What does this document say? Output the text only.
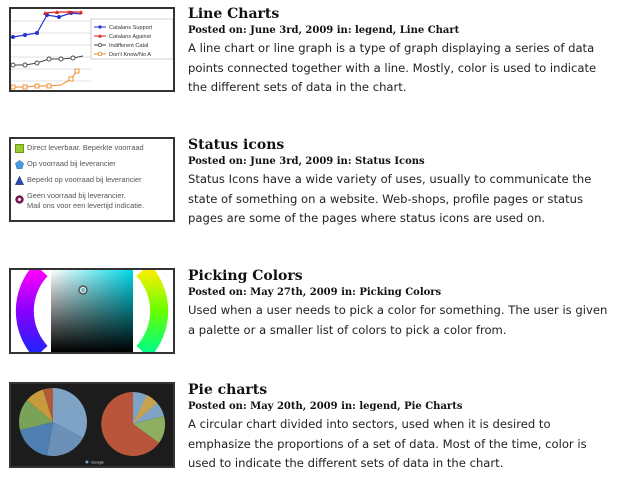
Catalans Support
Catalans Against
Indifferent Catal
Don't Know/No A

Line Charts

Posted on: June 3rd, 2009 in: legend, Line Chart

A line chart or line graph is a type of graph displaying a series of data points connected together with a line. Mostly, color is used to indicate the different sets of data in the chart.

Direct leverbaar. Beperkte voorraad
Op voorraad bij leverancier
Beperkt op voorraad bij leverancier
Geen voorraad bij leverancier.
Mail ons voor een levertijd indicatie.

Status icons

Posted on: June 3rd, 2009 in: Status Icons

Status Icons have a wide variety of uses, usually to communicate the state of something on a website. Web-shops, profile pages or status pages are some of the pages where status icons are used on.

Picking Colors

Posted on: May 27th, 2009 in: Picking Colors

Used when a user needs to pick a color for something. The user is given a palette or a smaller list of colors to pick a color from.

Google

Pie charts

Posted on: May 20th, 2009 in: legend, Pie Charts

A circular chart divided into sectors, used when it is desired to emphasize the proportions of a set of data. Most of the time, color is used to indicate the different sets of data in the chart.
